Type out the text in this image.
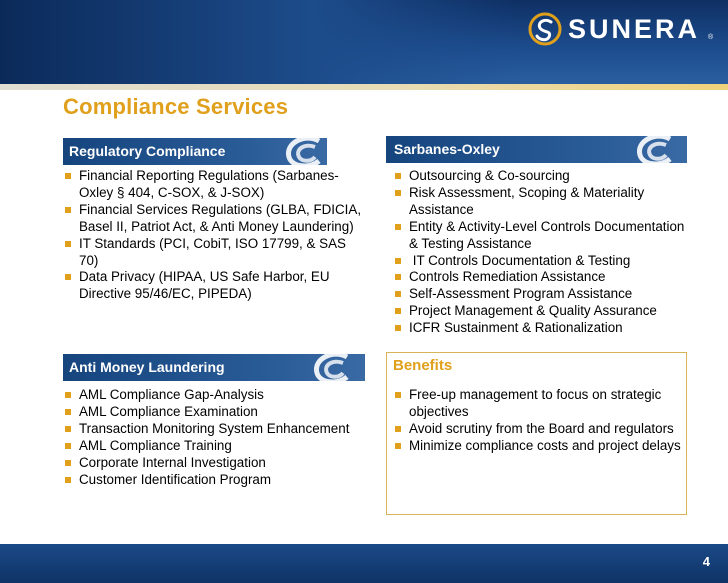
SUNERA ®
Compliance Services
Regulatory Compliance
Financial Reporting Regulations (Sarbanes-Oxley § 404, C-SOX, & J-SOX)
Financial Services Regulations (GLBA, FDICIA, Basel II, Patriot Act, & Anti Money Laundering)
IT Standards (PCI, CobiT, ISO 17799, & SAS 70)
Data Privacy (HIPAA, US Safe Harbor, EU Directive 95/46/EC, PIPEDA)
Sarbanes-Oxley
Outsourcing & Co-sourcing
Risk Assessment, Scoping & Materiality Assistance
Entity & Activity-Level Controls Documentation & Testing Assistance
IT Controls Documentation & Testing
Controls Remediation Assistance
Self-Assessment Program Assistance
Project Management & Quality Assurance
ICFR Sustainment & Rationalization
Anti Money Laundering
AML Compliance Gap-Analysis
AML Compliance Examination
Transaction Monitoring System Enhancement
AML Compliance Training
Corporate Internal Investigation
Customer Identification Program
Benefits
Free-up management to focus on strategic objectives
Avoid scrutiny from the Board and regulators
Minimize compliance costs and project delays
4
